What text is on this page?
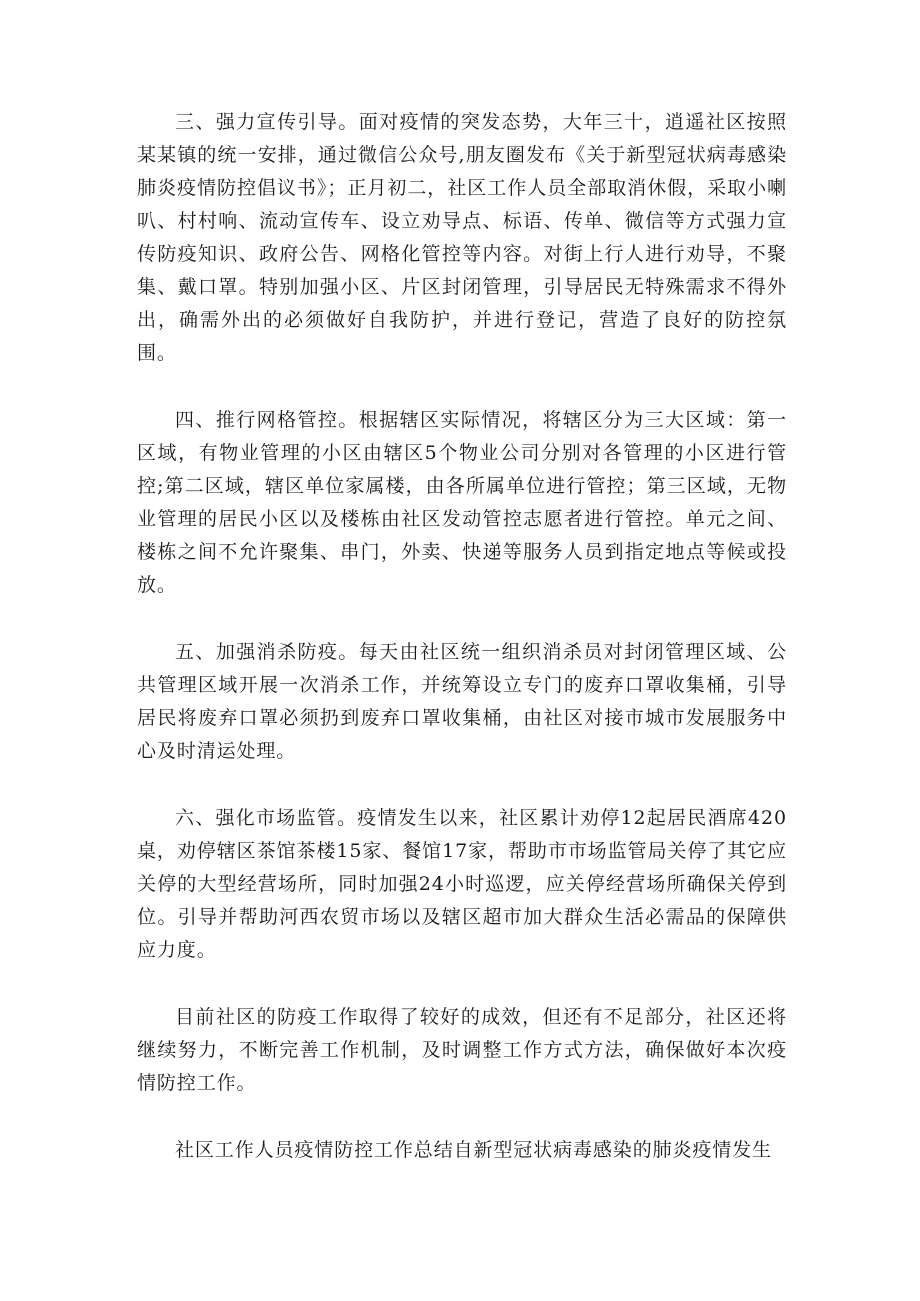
三、强力宣传引导。面对疫情的突发态势，大年三十，逍遥社区按照某某镇的统一安排，通过微信公众号,朋友圈发布《关于新型冠状病毒感染肺炎疫情防控倡议书》；正月初二，社区工作人员全部取消休假，采取小喇叭、村村响、流动宣传车、设立劝导点、标语、传单、微信等方式强力宣传防疫知识、政府公告、网格化管控等内容。对街上行人进行劝导，不聚集、戴口罩。特别加强小区、片区封闭管理，引导居民无特殊需求不得外出，确需外出的必须做好自我防护，并进行登记，营造了良好的防控氛围。

四、推行网格管控。根据辖区实际情况，将辖区分为三大区域：第一区域，有物业管理的小区由辖区5个物业公司分别对各管理的小区进行管控;第二区域，辖区单位家属楼，由各所属单位进行管控；第三区域，无物业管理的居民小区以及楼栋由社区发动管控志愿者进行管控。单元之间、楼栋之间不允许聚集、串门，外卖、快递等服务人员到指定地点等候或投放。

五、加强消杀防疫。每天由社区统一组织消杀员对封闭管理区域、公共管理区域开展一次消杀工作，并统筹设立专门的废弃口罩收集桶，引导居民将废弃口罩必须扔到废弃口罩收集桶，由社区对接市城市发展服务中心及时清运处理。

六、强化市场监管。疫情发生以来，社区累计劝停12起居民酒席420桌，劝停辖区茶馆茶楼15家、餐馆17家，帮助市市场监管局关停了其它应关停的大型经营场所，同时加强24小时巡逻，应关停经营场所确保关停到位。引导并帮助河西农贸市场以及辖区超市加大群众生活必需品的保障供应力度。

目前社区的防疫工作取得了较好的成效，但还有不足部分，社区还将继续努力，不断完善工作机制，及时调整工作方式方法，确保做好本次疫情防控工作。

社区工作人员疫情防控工作总结自新型冠状病毒感染的肺炎疫情发生
